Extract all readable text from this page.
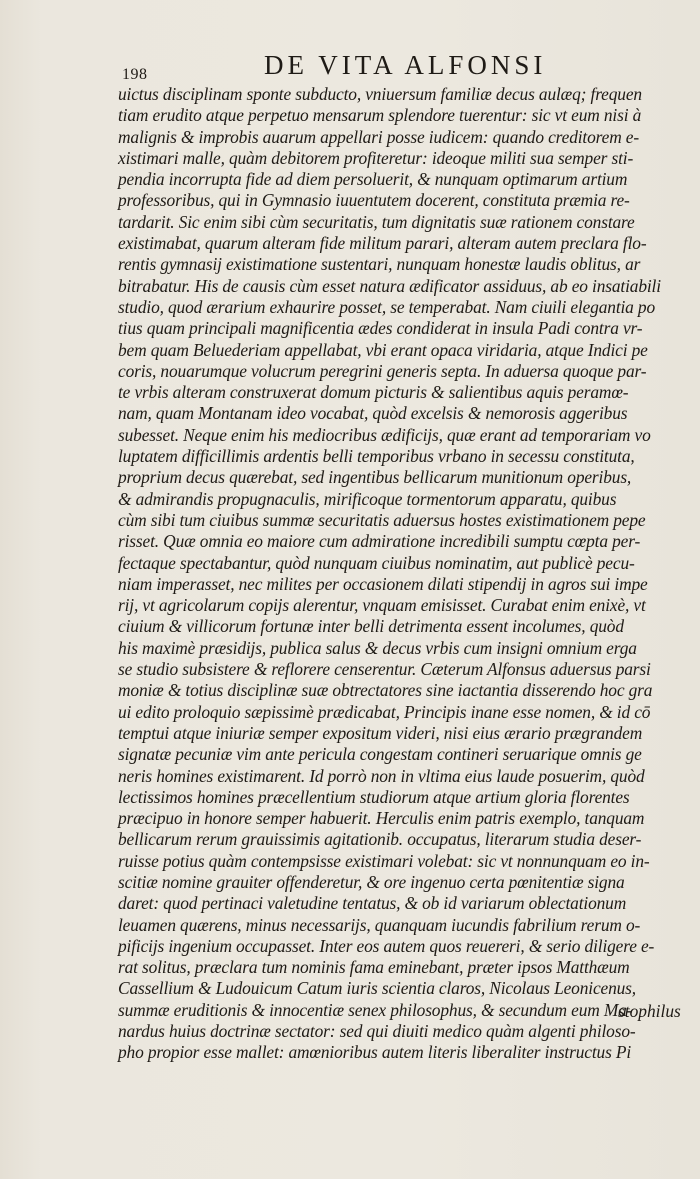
198	DE VITA ALFONSI
uictus disciplinam sponte subducto, vniuersum familiæ decus aulæq; frequen
tiam erudito atque perpetuo mensarum splendore tuerentur: sic vt eum nisi à
malignis & improbis auarum appellari posse iudicem: quando creditorem e-
xistimari malle, quàm debitorem profiteretur: ideoque militi sua semper sti-
pendia incorrupta fide ad diem persoluerit, & nunquam optimarum artium
professoribus, qui in Gymnasio iuuentutem docerent, constituta præmia re-
tardarit. Sic enim sibi cùm securitatis, tum dignitatis suæ rationem constare
existimabat, quarum alteram fide militum parari, alteram autem preclara flo-
rentis gymnasij existimatione sustentari, nunquam honestæ laudis oblitus, ar
bitrabatur. His de causis cùm esset natura ædificator assiduus, ab eo insatiabili
studio, quod ærarium exhaurire posset, se temperabat. Nam ciuili elegantia po
tius quam principali magnificentia ædes condiderat in insula Padi contra vr-
bem quam Beluederiam appellabat, vbi erant opaca viridaria, atque Indici pe
coris, nouarumque volucrum peregrini generis septa. In aduersa quoque par-
te vrbis alteram construxerat domum picturis & salientibus aquis peramœ-
nam, quam Montanam ideo vocabat, quòd excelsis & nemorosis aggeribus
subesset. Neque enim his mediocribus ædificijs, quæ erant ad temporariam vo
luptatem difficillimis ardentis belli temporibus vrbano in secessu constituta,
proprium decus quærebat, sed ingentibus bellicarum munitionum operibus,
& admirandis propugnaculis, mirificoque tormentorum apparatu, quibus
cùm sibi tum ciuibus summæ securitatis aduersus hostes existimationem pepe
risset. Quæ omnia eo maiore cum admiratione incredibili sumptu cœpta per-
fectaque spectabantur, quòd nunquam ciuibus nominatim, aut publicè pecu-
niam imperasset, nec milites per occasionem dilati stipendij in agros sui impe
rij, vt agricolarum copijs alerentur, vnquam emisisset. Curabat enim enixè, vt
ciuium & villicorum fortunæ inter belli detrimenta essent incolumes, quòd
his maximè præsidijs, publica salus & decus vrbis cum insigni omnium erga
se studio subsistere & reflorere censerentur. Cæterum Alfonsus aduersus parsi
moniæ & totius disciplinæ suæ obtrectatores sine iactantia disserendo hoc gra
ui edito proloquio sæpissimè prædicabat, Principis inane esse nomen, & id cō
temptui atque iniuriæ semper expositum videri, nisi eius ærario prægrandem
signatæ pecuniæ vim ante pericula congestam contineri seruarique omnis ge
neris homines existimarent. Id porrò non in vltima eius laude posuerim, quòd
lectissimos homines præcellentium studiorum atque artium gloria florentes
præcipuo in honore semper habuerit. Herculis enim patris exemplo, tanquam
bellicarum rerum grauissimis agitationib. occupatus, literarum studia deser-
ruisse potius quàm contempsisse existimari volebat: sic vt nonnunquam eo in-
scitiæ nomine grauiter offenderetur, & ore ingenuo certa pœnitentiæ signa
daret: quod pertinaci valetudine tentatus, & ob id variarum oblectationum
leuamen quærens, minus necessarijs, quanquam iucundis fabrilium rerum o-
pificijs ingenium occupasset. Inter eos autem quos reuereri, & serio diligere e-
rat solitus, præclara tum nominis fama eminebant, præter ipsos Matthæum
Cassellium & Ludouicum Catum iuris scientia claros, Nicolaus Leonicenus,
summæ eruditionis & innocentiæ senex philosophus, & secundum eum Ma-
nardus huius doctrinæ sectator: sed qui diuiti medico quàm algenti philoso-
pho propior esse mallet: amœnioribus autem literis liberaliter instructus Pi
stophilus
